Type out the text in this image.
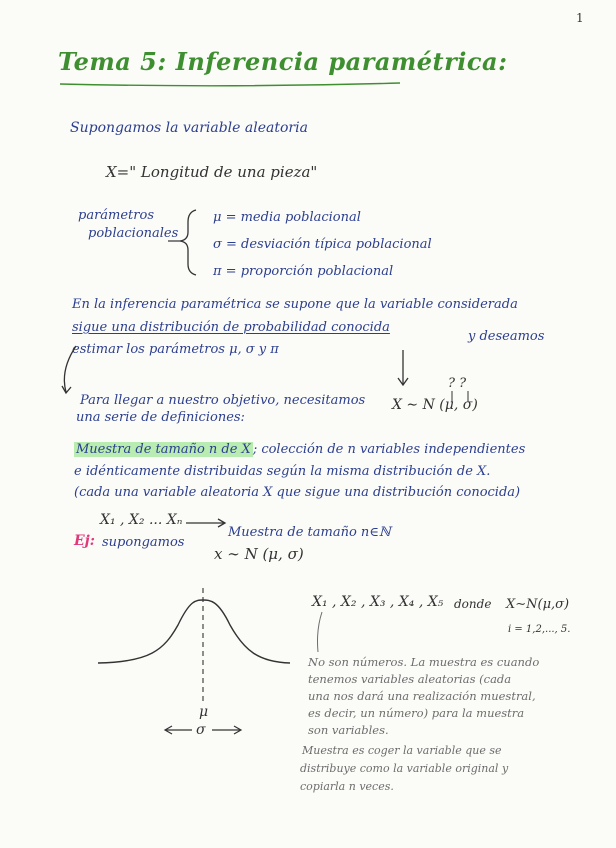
1
Tema 5: Inferencia paramétrica:
Supongamos la variable aleatoria
X=" Longitud de una pieza"
parámetros
poblacionales
μ = media poblacional
σ = desviación típica poblacional
π = proporción poblacional
En la inferencia paramétrica se supone que la variable considerada
sigue una distribución de probabilidad conocida
y deseamos
estimar los parámetros μ, σ y π
? ?
X ∼ N (μ, σ)
Para llegar a nuestro objetivo, necesitamos
una serie de definiciones:
Muestra de tamaño n de X ; colección de n variables independientes
e idénticamente distribuidas según la misma distribución de X.
(cada una variable aleatoria X que sigue una distribución conocida)
X₁ , X₂ ... Xₙ
Muestra de tamaño n∈ℕ
Ej: supongamos
x ∼ N (μ, σ)
X₁ , X₂ , X₃ , X₄ , X₅ donde X∼N(μ,σ)
i = 1,2,..., 5.
μ
σ
No son números. La muestra es cuando
tenemos variables aleatorias (cada
una nos dará una realización muestral,
es decir, un número) para la muestra
son variables.
Muestra es coger la variable que se
distribuye como la variable original y
copiarla n veces.
